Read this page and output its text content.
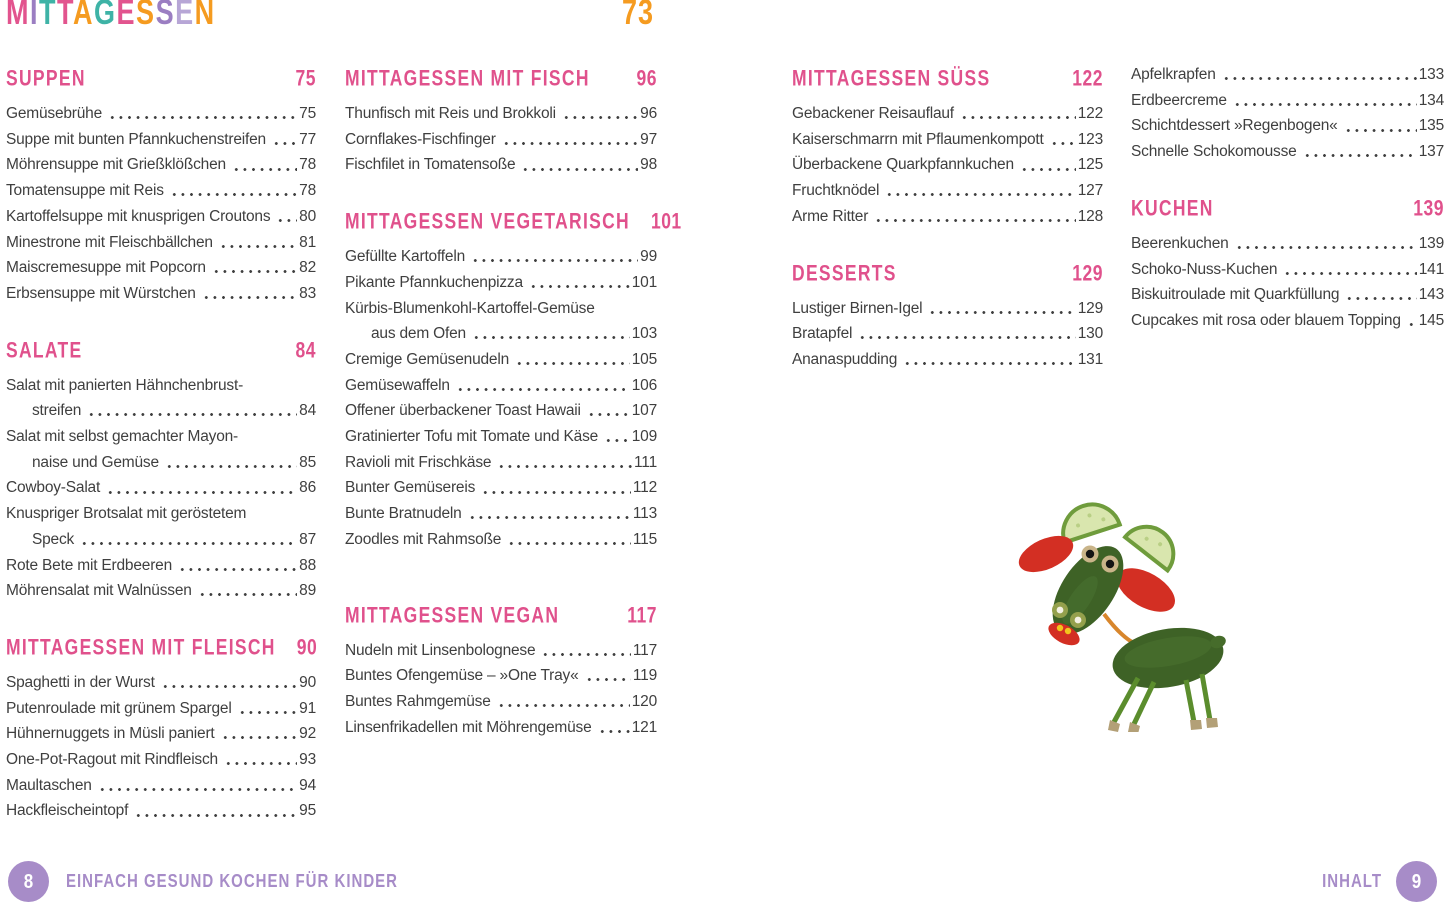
MITTAGESSEN	73
SUPPEN	75
Gemüsebrühe	75
Suppe mit bunten Pfannkuchenstreifen 77
Möhrensuppe mit Grießklößchen	78
Tomatensuppe mit Reis	78
Kartoffelsuppe mit knusprigen Croutons 80
Minestrone mit Fleischbällchen	81
Maiscremesuppe mit Popcorn	82
Erbsensuppe mit Würstchen	83
SALATE	84
Salat mit panierten Hähnchenbrust-
streifen	84
Salat mit selbst gemachter Mayon-
naise und Gemüse	85
Cowboy-Salat	86
Knuspriger Brotsalat mit geröstetem
Speck	87
Rote Bete mit Erdbeeren	88
Möhrensalat mit Walnüssen	89
MITTAGESSEN MIT FLEISCH 90
Spaghetti in der Wurst	90
Putenroulade mit grünem Spargel	91
Hühnernuggets in Müsli paniert	92
One-Pot-Ragout mit Rindfleisch	93
Maultaschen	94
Hackfleischeintopf	95
MITTAGESSEN MIT FISCH	96
Thunfisch mit Reis und Brokkoli	96
Cornflakes-Fischfinger	97
Fischfilet in Tomatensoße	98
MITTAGESSEN VEGETARISCH 101
Gefüllte Kartoffeln	99
Pikante Pfannkuchenpizza	101
Kürbis-Blumenkohl-Kartoffel-Gemüse
aus dem Ofen	103
Cremige Gemüsenudeln	105
Gemüsewaffeln	106
Offener überbackener Toast Hawaii	107
Gratinierter Tofu mit Tomate und Käse 109
Ravioli mit Frischkäse	111
Bunter Gemüsereis	112
Bunte Bratnudeln	113
Zoodles mit Rahmsoße	115
MITTAGESSEN VEGAN	117
Nudeln mit Linsenbolognese	117
Buntes Ofengemüse – »One Tray«	119
Buntes Rahmgemüse	120
Linsenfrikadellen mit Möhrengemüse	121
MITTAGESSEN SÜSS	122
Gebackener Reisauflauf	122
Kaiserschmarrn mit Pflaumenkompott 123
Überbackene Quarkpfannkuchen	125
Fruchtknödel	127
Arme Ritter	128
DESSERTS	129
Lustiger Birnen-Igel	129
Bratapfel	130
Ananaspudding	131
Apfelkrapfen	133
Erdbeercreme	134
Schichtdessert »Regenbogen«	135
Schnelle Schokomousse	137
KUCHEN	139
Beerenkuchen	139
Schoko-Nuss-Kuchen	141
Biskuitroulade mit Quarkfüllung	143
Cupcakes mit rosa oder blauem Topping 145
8 EINFACH GESUND KOCHEN FÜR KINDER	INHALT 9
